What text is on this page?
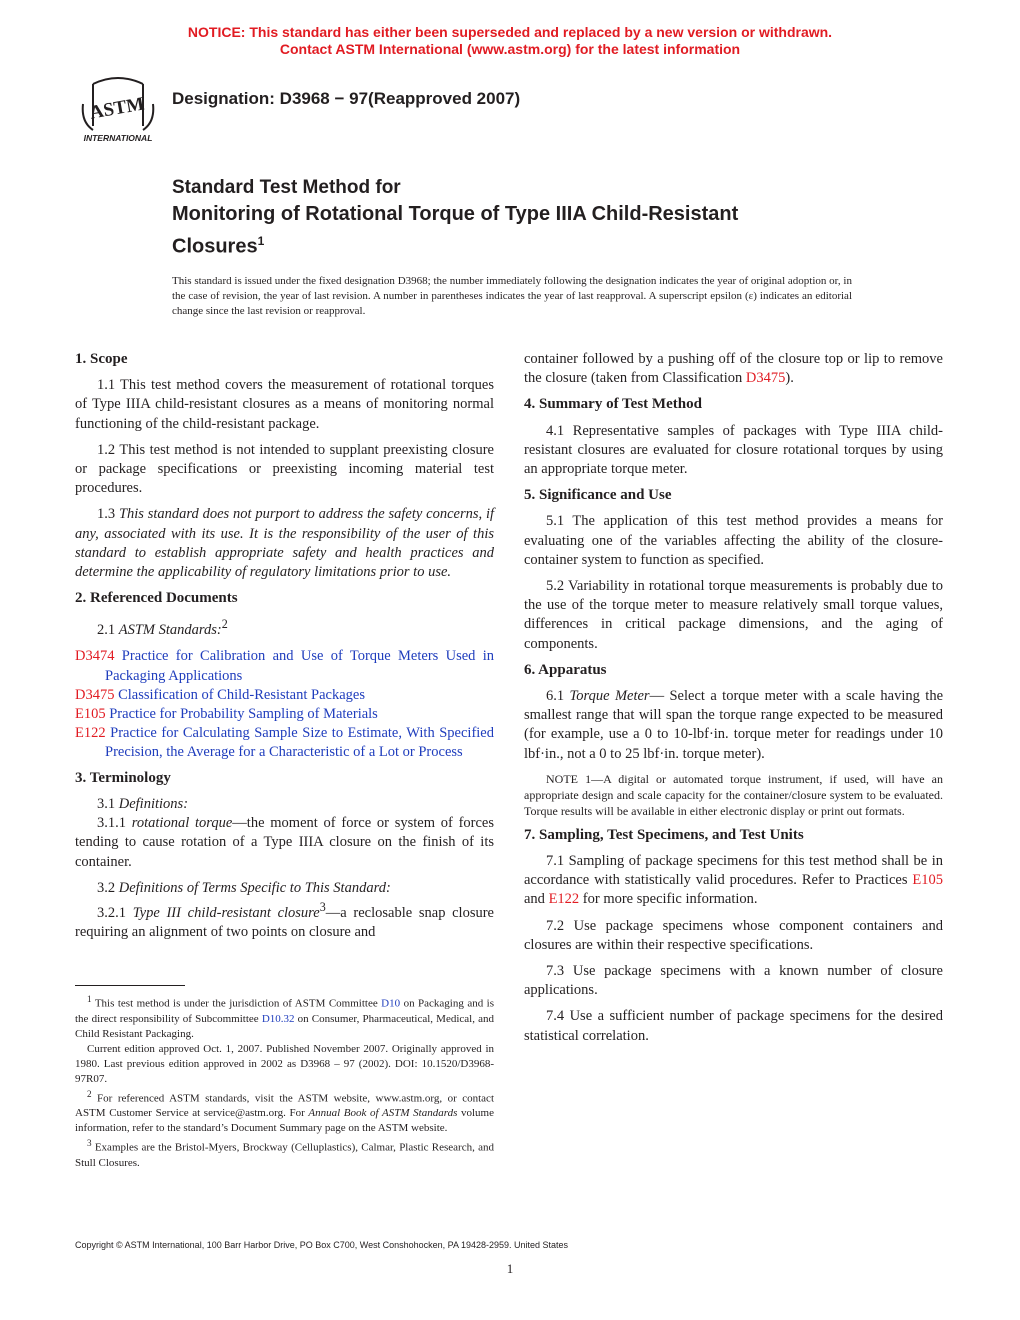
NOTICE: This standard has either been superseded and replaced by a new version or withdrawn.
Contact ASTM International (www.astm.org) for the latest information
ASTM
INTERNATIONAL
Designation: D3968 − 97(Reapproved 2007)
Standard Test Method for
Monitoring of Rotational Torque of Type IIIA Child-Resistant
Closures$^1$
This standard is issued under the fixed designation D3968; the number immediately following the designation indicates the year of original adoption or, in the case of revision, the year of last revision. A number in parentheses indicates the year of last reapproval. A superscript epsilon (ε) indicates an editorial change since the last revision or reapproval.
1. Scope

1.1 This test method covers the measurement of rotational torques of Type IIIA child-resistant closures as a means of monitoring normal functioning of the child-resistant package.

1.2 This test method is not intended to supplant preexisting closure or package specifications or preexisting incoming material test procedures.

1.3 This standard does not purport to address the safety concerns, if any, associated with its use. It is the responsibility of the user of this standard to establish appropriate safety and health practices and determine the applicability of regulatory limitations prior to use.

2. Referenced Documents

2.1 ASTM Standards:$^2$

D3474 Practice for Calibration and Use of Torque Meters Used in Packaging Applications
D3475 Classification of Child-Resistant Packages
E105 Practice for Probability Sampling of Materials
E122 Practice for Calculating Sample Size to Estimate, With Specified Precision, the Average for a Characteristic of a Lot or Process
3. Terminology

3.1 Definitions:

3.1.1 rotational torque—the moment of force or system of forces tending to cause rotation of a Type IIIA closure on the finish of its container.

3.2 Definitions of Terms Specific to This Standard:

3.2.1 Type III child-resistant closure$^3$—a reclosable snap closure requiring an alignment of two points on closure and

$^1$ This test method is under the jurisdiction of ASTM Committee D10 on Packaging and is the direct responsibility of Subcommittee D10.32 on Consumer, Pharmaceutical, Medical, and Child Resistant Packaging.

Current edition approved Oct. 1, 2007. Published November 2007. Originally approved in 1980. Last previous edition approved in 2002 as D3968 – 97 (2002). DOI: 10.1520/D3968-97R07.

$^2$ For referenced ASTM standards, visit the ASTM website, www.astm.org, or contact ASTM Customer Service at service@astm.org. For Annual Book of ASTM Standards volume information, refer to the standard’s Document Summary page on the ASTM website.

$^3$ Examples are the Bristol-Myers, Brockway (Celluplastics), Calmar, Plastic Research, and Stull Closures.

container followed by a pushing off of the closure top or lip to remove the closure (taken from Classification D3475).

4. Summary of Test Method

4.1 Representative samples of packages with Type IIIA child-resistant closures are evaluated for closure rotational torques by using an appropriate torque meter.

5. Significance and Use

5.1 The application of this test method provides a means for evaluating one of the variables affecting the ability of the closure-container system to function as specified.

5.2 Variability in rotational torque measurements is probably due to the use of the torque meter to measure relatively small torque values, differences in critical package dimensions, and the aging of components.

6. Apparatus

6.1 Torque Meter— Select a torque meter with a scale having the smallest range that will span the torque range expected to be measured (for example, use a 0 to 10-lbf·in. torque meter for readings under 10 lbf·in., not a 0 to 25 lbf·in. torque meter).

NOTE 1—A digital or automated torque instrument, if used, will have an appropriate design and scale capacity for the container/closure system to be evaluated. Torque results will be available in either electronic display or print out formats.

7. Sampling, Test Specimens, and Test Units

7.1 Sampling of package specimens for this test method shall be in accordance with statistically valid procedures. Refer to Practices E105 and E122 for more specific information.

7.2 Use package specimens whose component containers and closures are within their respective specifications.

7.3 Use package specimens with a known number of closure applications.

7.4 Use a sufficient number of package specimens for the desired statistical correlation.

Copyright © ASTM International, 100 Barr Harbor Drive, PO Box C700, West Conshohocken, PA 19428-2959. United States
1
